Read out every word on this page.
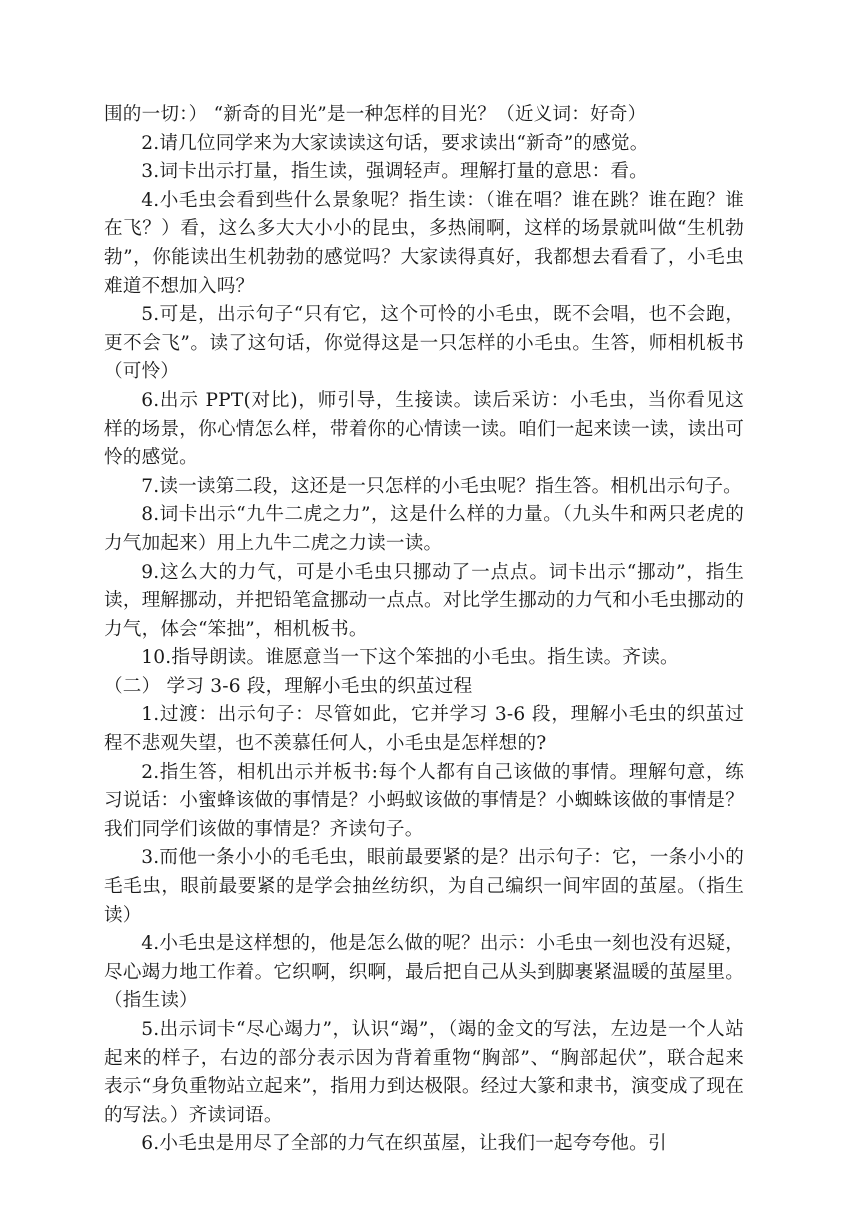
围的一切：） “新奇的目光”是一种怎样的目光？（近义词：好奇）

2.请几位同学来为大家读读这句话，要求读出“新奇”的感觉。

3.词卡出示打量，指生读，强调轻声。理解打量的意思：看。

4.小毛虫会看到些什么景象呢？指生读：（谁在唱？谁在跳？谁在跑？谁在飞？）看，这么多大大小小的昆虫，多热闹啊，这样的场景就叫做“生机勃勃”，你能读出生机勃勃的感觉吗？大家读得真好，我都想去看看了，小毛虫难道不想加入吗？

5.可是，出示句子“只有它，这个可怜的小毛虫，既不会唱，也不会跑，更不会飞”。读了这句话，你觉得这是一只怎样的小毛虫。生答，师相机板书（可怜）

6.出示 PPT(对比)，师引导，生接读。读后采访：小毛虫，当你看见这样的场景，你心情怎么样，带着你的心情读一读。咱们一起来读一读，读出可怜的感觉。

7.读一读第二段，这还是一只怎样的小毛虫呢？指生答。相机出示句子。

8.词卡出示“九牛二虎之力”，这是什么样的力量。（九头牛和两只老虎的力气加起来）用上九牛二虎之力读一读。

9.这么大的力气，可是小毛虫只挪动了一点点。词卡出示“挪动”，指生读，理解挪动，并把铅笔盒挪动一点点。对比学生挪动的力气和小毛虫挪动的力气，体会“笨拙”，相机板书。

10.指导朗读。谁愿意当一下这个笨拙的小毛虫。指生读。齐读。

（二） 学习 3-6 段，理解小毛虫的织茧过程

1.过渡：出示句子：尽管如此，它并学习 3-6 段，理解小毛虫的织茧过程不悲观失望，也不羡慕任何人，小毛虫是怎样想的?

2.指生答，相机出示并板书:每个人都有自己该做的事情。理解句意，练习说话：小蜜蜂该做的事情是？小蚂蚁该做的事情是？小蜘蛛该做的事情是？我们同学们该做的事情是？齐读句子。

3.而他一条小小的毛毛虫，眼前最要紧的是？出示句子：它，一条小小的毛毛虫，眼前最要紧的是学会抽丝纺织，为自己编织一间牢固的茧屋。（指生读）

4.小毛虫是这样想的，他是怎么做的呢？出示：小毛虫一刻也没有迟疑，尽心竭力地工作着。它织啊，织啊，最后把自己从头到脚裹紧温暖的茧屋里。（指生读）

5.出示词卡“尽心竭力”，认识“竭”，（竭的金文的写法，左边是一个人站起来的样子，右边的部分表示因为背着重物“胸部”、“胸部起伏”，联合起来表示“身负重物站立起来”，指用力到达极限。经过大篆和隶书，演变成了现在的写法。）齐读词语。

6.小毛虫是用尽了全部的力气在织茧屋，让我们一起夸夸他。引
